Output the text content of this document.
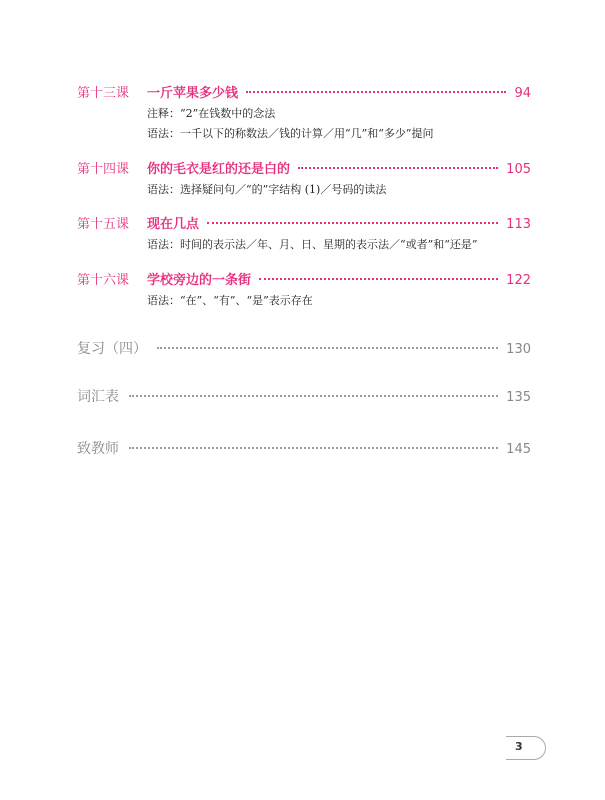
第十三课	一斤苹果多少钱	94
注释：“2”在钱数中的念法
语法：一千以下的称数法／钱的计算／用“几”和“多少”提问
第十四课	你的毛衣是红的还是白的	105
语法：选择疑问句／“的”字结构 (1)／号码的读法
第十五课	现在几点	113
语法：时间的表示法／年、月、日、星期的表示法／“或者”和“还是”
第十六课	学校旁边的一条街	122
语法：“在”、“有”、“是”表示存在
复习（四）	130
词汇表	135
致教师	145
3
